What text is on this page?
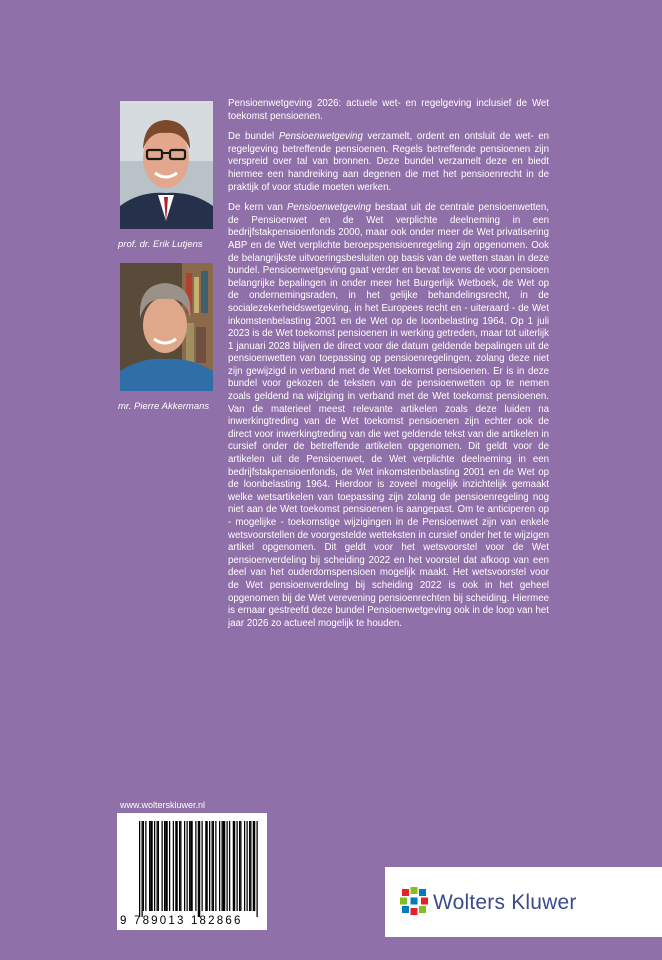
prof. dr. Erik Lutjens
mr. Pierre Akkermans

Pensioenwetgeving 2026: actuele wet- en regelgeving inclusief de Wet toekomst pensioenen.

De bundel Pensioenwetgeving verzamelt, ordent en ontsluit de wet- en regelgeving betreffende pensioenen. Regels betreffende pensioenen zijn verspreid over tal van bronnen. Deze bundel verzamelt deze en biedt hiermee een handreiking aan degenen die met het pensioenrecht in de praktijk of voor studie moeten werken.

De kern van Pensioenwetgeving bestaat uit de centrale pensioenwetten, de Pensioenwet en de Wet verplichte deelneming in een bedrijfstakpensioenfonds 2000, maar ook onder meer de Wet privatisering ABP en de Wet verplichte beroepspensioenregeling zijn opgenomen. Ook de belangrijkste uitvoeringsbesluiten op basis van de wetten staan in deze bundel. Pensioenwetgeving gaat verder en bevat tevens de voor pensioen belangrijke bepalingen in onder meer het Burgerlijk Wetboek, de Wet op de ondernemingsraden, in het gelijke behandelingsrecht, in de socialezekerheidswetgeving, in het Europees recht en - uiteraard - de Wet inkomstenbelasting 2001 en de Wet op de loonbelasting 1964. Op 1 juli 2023 is de Wet toekomst pensioenen in werking getreden, maar tot uiterlijk 1 januari 2028 blijven de direct voor die datum geldende bepalingen uit de pensioenwetten van toepassing op pensioenregelingen, zolang deze niet zijn gewijzigd in verband met de Wet toekomst pensioenen. Er is in deze bundel voor gekozen de teksten van de pensioenwetten op te nemen zoals geldend na wijziging in verband met de Wet toekomst pensioenen. Van de materieel meest relevante artikelen zoals deze luiden na inwerkingtreding van de Wet toekomst pensioenen zijn echter ook de direct voor inwerkingtreding van die wet geldende tekst van die artikelen in cursief onder de betreffende artikelen opgenomen. Dit geldt voor de artikelen uit de Pensioenwet, de Wet verplichte deelneming in een bedrijfstakpensioenfonds, de Wet inkomstenbelasting 2001 en de Wet op de loonbelasting 1964. Hierdoor is zoveel mogelijk inzichtelijk gemaakt welke wetsartikelen van toepassing zijn zolang de pensioenregeling nog niet aan de Wet toekomst pensioenen is aangepast. Om te anticiperen op - mogelijke - toekomstige wijzigingen in de Pensioenwet zijn van enkele wetsvoorstellen de voorgestelde wetteksten in cursief onder het te wijzigen artikel opgenomen. Dit geldt voor het wetsvoorstel voor de Wet pensioenverdeling bij scheiding 2022 en het voorstel dat afkoop van een deel van het ouderdomspensioen mogelijk maakt. Het wetsvoorstel voor de Wet pensioenverdeling bij scheiding 2022 is ook in het geheel opgenomen bij de Wet verevening pensioenrechten bij scheiding. Hiermee is ernaar gestreefd deze bundel Pensioenwetgeving ook in de loop van het jaar 2026 zo actueel mogelijk te houden.

www.wolterskluwer.nl
9 789013 182866
Wolters Kluwer
